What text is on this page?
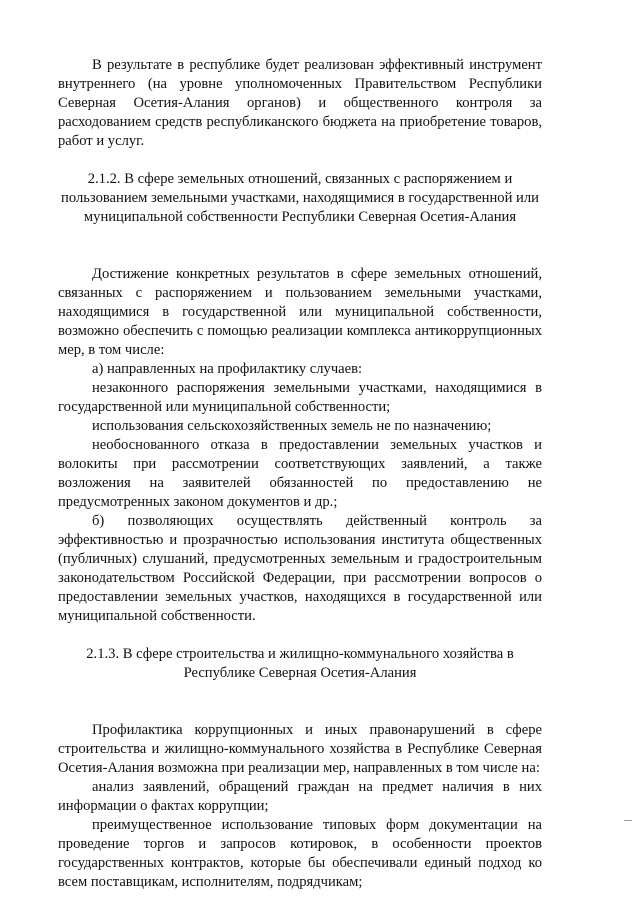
В результате в республике будет реализован эффективный инструмент внутреннего (на уровне уполномоченных Правительством Республики Северная Осетия-Алания органов) и общественного контроля за расходованием средств республиканского бюджета на приобретение товаров, работ и услуг.

2.1.2. В сфере земельных отношений, связанных с распоряжением и пользованием земельными участками, находящимися в государственной или муниципальной собственности Республики Северная Осетия-Алания

Достижение конкретных результатов в сфере земельных отношений, связанных с распоряжением и пользованием земельными участками, находящимися в государственной или муниципальной собственности, возможно обеспечить с помощью реализации комплекса антикоррупционных мер, в том числе:

а) направленных на профилактику случаев:

незаконного распоряжения земельными участками, находящимися в государственной или муниципальной собственности;

использования сельскохозяйственных земель не по назначению;

необоснованного отказа в предоставлении земельных участков и волокиты при рассмотрении соответствующих заявлений, а также возложения на заявителей обязанностей по предоставлению не предусмотренных законом документов и др.;

б) позволяющих осуществлять действенный контроль за эффективностью и прозрачностью использования института общественных (публичных) слушаний, предусмотренных земельным и градостроительным законодательством Российской Федерации, при рассмотрении вопросов о предоставлении земельных участков, находящихся в государственной или муниципальной собственности.

2.1.3. В сфере строительства и жилищно-коммунального хозяйства в Республике Северная Осетия-Алания

Профилактика коррупционных и иных правонарушений в сфере строительства и жилищно-коммунального хозяйства в Республике Северная Осетия-Алания возможна при реализации мер, направленных в том числе на:

анализ заявлений, обращений граждан на предмет наличия в них информации о фактах коррупции;

преимущественное использование типовых форм документации на проведение торгов и запросов котировок, в особенности проектов государственных контрактов, которые бы обеспечивали единый подход ко всем поставщикам, исполнителям, подрядчикам;
